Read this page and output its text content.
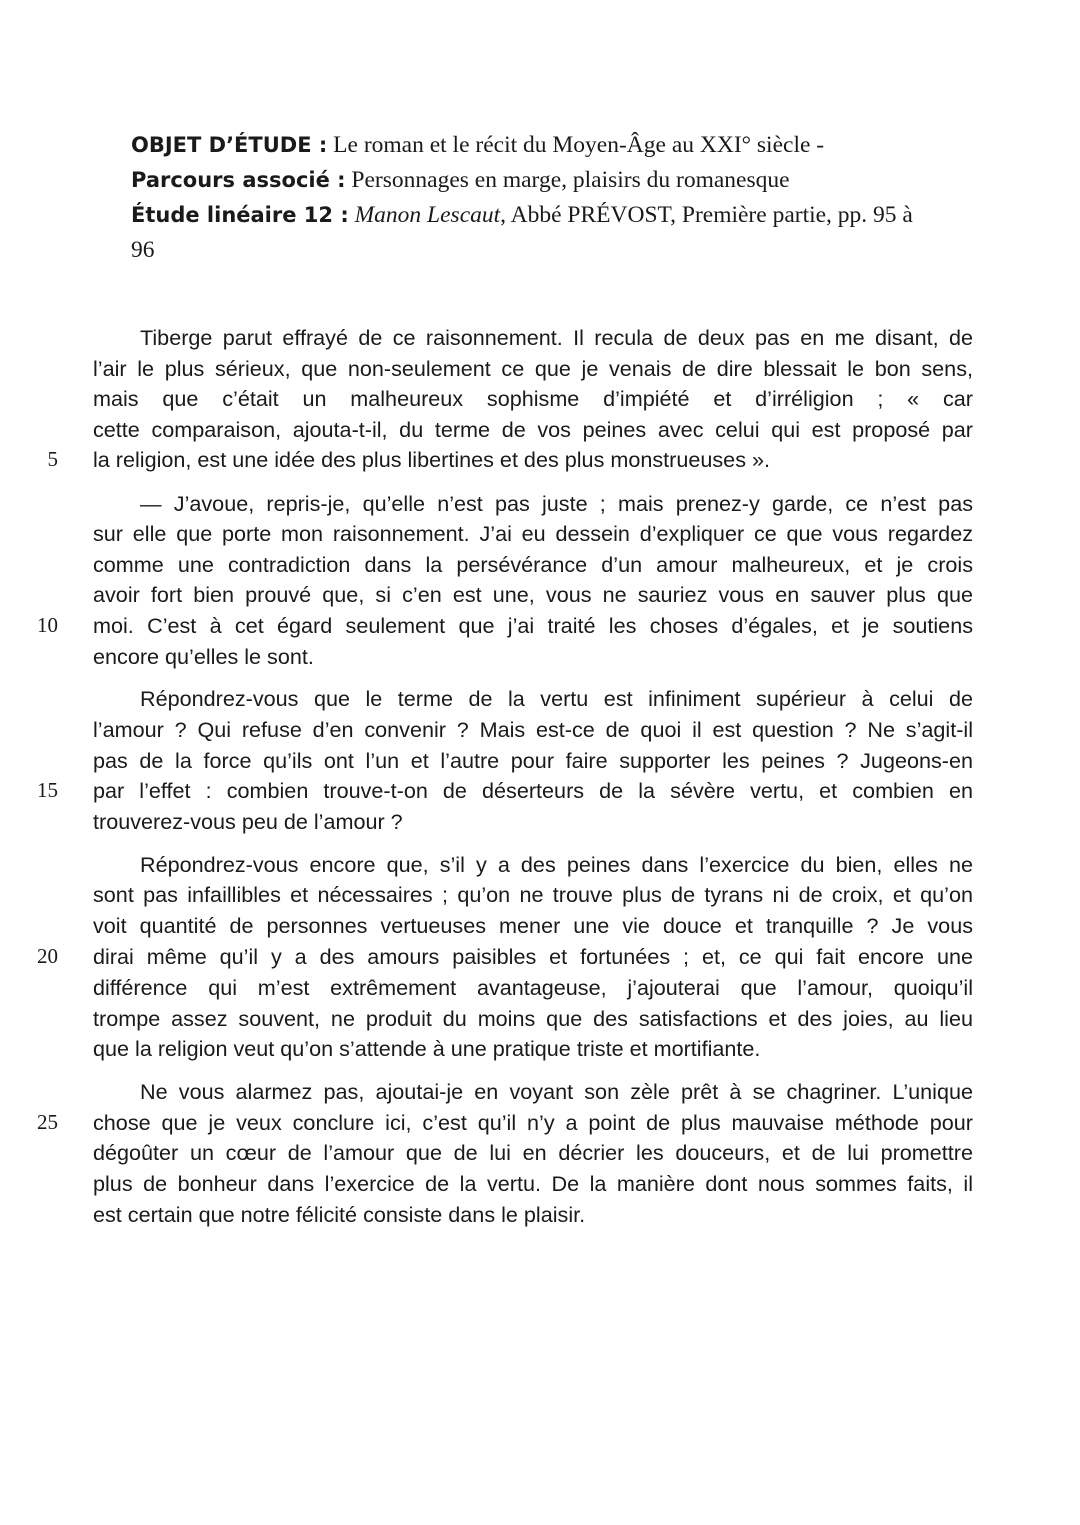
OBJET D’ÉTUDE : Le roman et le récit du Moyen-Âge au XXI° siècle -
Parcours associé : Personnages en marge, plaisirs du romanesque
Étude linéaire 12 : Manon Lescaut, Abbé PRÉVOST, Première partie, pp. 95 à
96
Tiberge parut effrayé de ce raisonnement. Il recula de deux pas en me disant, de
l’air le plus sérieux, que non-seulement ce que je venais de dire blessait le bon sens,
mais que c’était un malheureux sophisme d’impiété et d’irréligion ; « car
cette comparaison, ajouta-t-il, du terme de vos peines avec celui qui est proposé par
la religion, est une idée des plus libertines et des plus monstrueuses ».
— J’avoue, repris-je, qu’elle n’est pas juste ; mais prenez-y garde, ce n’est pas
sur elle que porte mon raisonnement. J’ai eu dessein d’expliquer ce que vous regardez
comme une contradiction dans la persévérance d’un amour malheureux, et je crois
avoir fort bien prouvé que, si c’en est une, vous ne sauriez vous en sauver plus que
moi. C’est à cet égard seulement que j’ai traité les choses d’égales, et je soutiens
encore qu’elles le sont.
Répondrez-vous que le terme de la vertu est infiniment supérieur à celui de
l’amour ? Qui refuse d’en convenir ? Mais est-ce de quoi il est question ? Ne s’agit-il
pas de la force qu’ils ont l’un et l’autre pour faire supporter les peines ? Jugeons-en
par l’effet : combien trouve-t-on de déserteurs de la sévère vertu, et combien en
trouverez-vous peu de l’amour ?
Répondrez-vous encore que, s’il y a des peines dans l’exercice du bien, elles ne
sont pas infaillibles et nécessaires ; qu’on ne trouve plus de tyrans ni de croix, et qu’on
voit quantité de personnes vertueuses mener une vie douce et tranquille ? Je vous
dirai même qu’il y a des amours paisibles et fortunées ; et, ce qui fait encore une
différence qui m’est extrêmement avantageuse, j’ajouterai que l’amour, quoiqu’il
trompe assez souvent, ne produit du moins que des satisfactions et des joies, au lieu
que la religion veut qu’on s’attende à une pratique triste et mortifiante.
Ne vous alarmez pas, ajoutai-je en voyant son zèle prêt à se chagriner. L’unique
chose que je veux conclure ici, c’est qu’il n’y a point de plus mauvaise méthode pour
dégoûter un cœur de l’amour que de lui en décrier les douceurs, et de lui promettre
plus de bonheur dans l’exercice de la vertu. De la manière dont nous sommes faits, il
est certain que notre félicité consiste dans le plaisir.
5
10
15
20
25
